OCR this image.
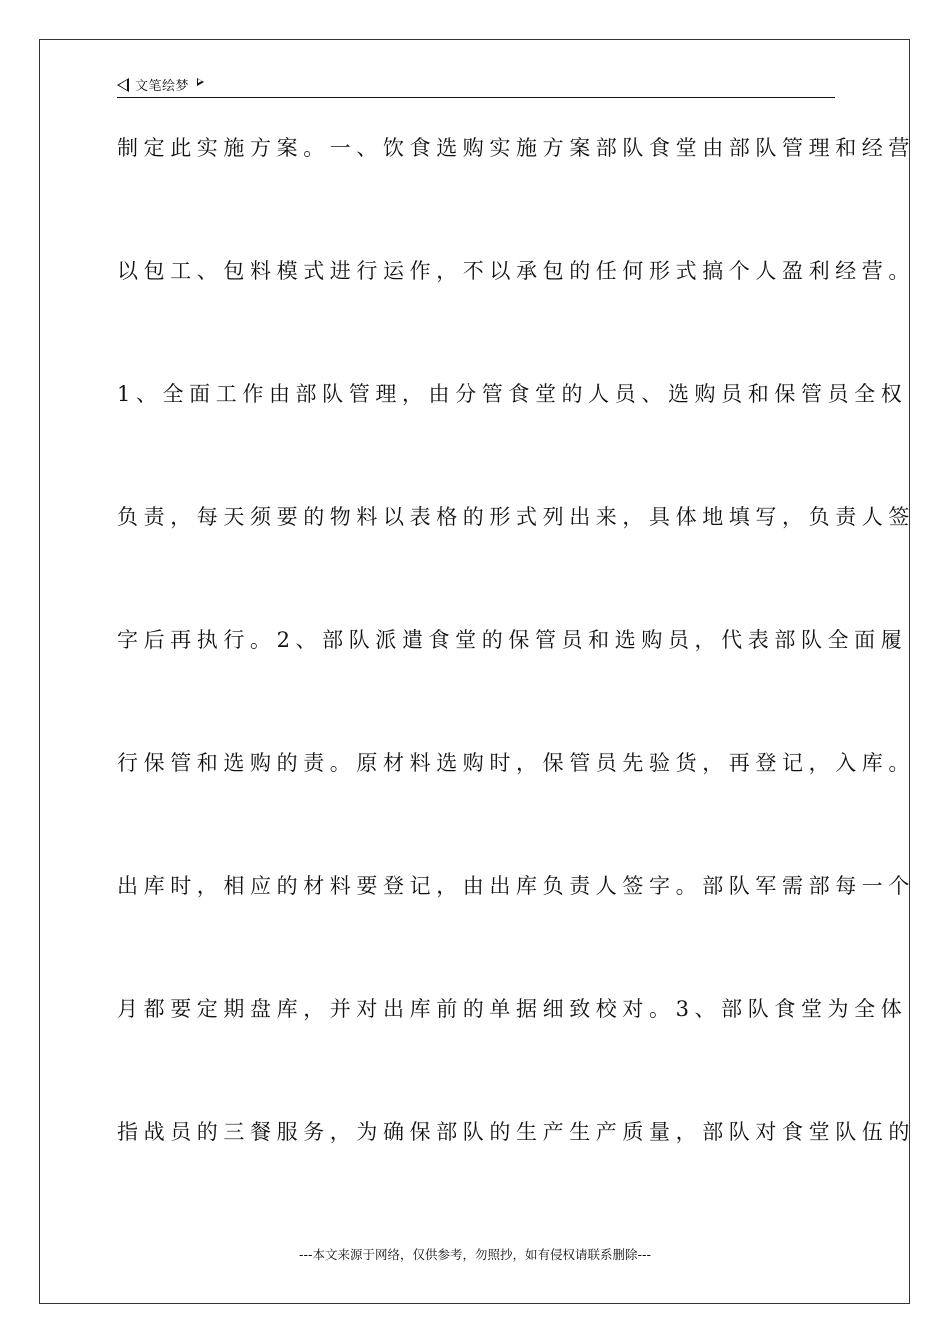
文笔绘梦
制定此实施方案。一、饮食选购实施方案部队食堂由部队管理和经营
以包工、包料模式进行运作，不以承包的任何形式搞个人盈利经营。
1、全面工作由部队管理，由分管食堂的人员、选购员和保管员全权
负责，每天须要的物料以表格的形式列出来，具体地填写，负责人签
字后再执行。2、部队派遣食堂的保管员和选购员，代表部队全面履
行保管和选购的责。原材料选购时，保管员先验货，再登记，入库。
出库时，相应的材料要登记，由出库负责人签字。部队军需部每一个
月都要定期盘库，并对出库前的单据细致校对。3、部队食堂为全体
指战员的三餐服务，为确保部队的生产生产质量，部队对食堂队伍的
---本文来源于网络，仅供参考，勿照抄，如有侵权请联系删除---
